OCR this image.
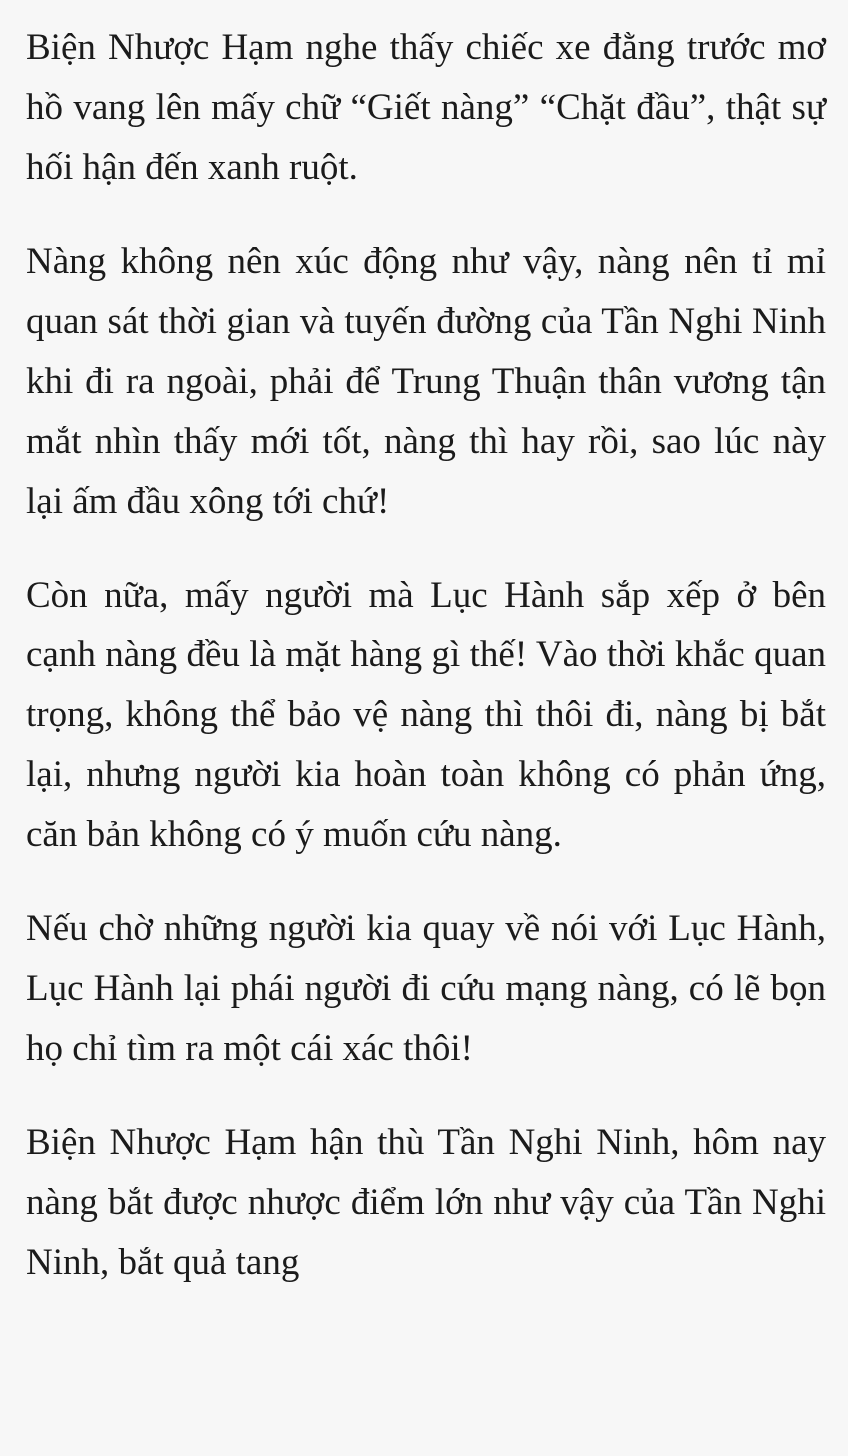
Biện Nhược Hạm nghe thấy chiếc xe đằng trước mơ hồ vang lên mấy chữ “Giết nàng” “Chặt đầu”, thật sự hối hận đến xanh ruột.

Nàng không nên xúc động như vậy, nàng nên tỉ mỉ quan sát thời gian và tuyến đường của Tần Nghi Ninh khi đi ra ngoài, phải để Trung Thuận thân vương tận mắt nhìn thấy mới tốt, nàng thì hay rồi, sao lúc này lại ấm đầu xông tới chứ!

Còn nữa, mấy người mà Lục Hành sắp xếp ở bên cạnh nàng đều là mặt hàng gì thế! Vào thời khắc quan trọng, không thể bảo vệ nàng thì thôi đi, nàng bị bắt lại, nhưng người kia hoàn toàn không có phản ứng, căn bản không có ý muốn cứu nàng.

Nếu chờ những người kia quay về nói với Lục Hành, Lục Hành lại phái người đi cứu mạng nàng, có lẽ bọn họ chỉ tìm ra một cái xác thôi!

Biện Nhược Hạm hận thù Tần Nghi Ninh, hôm nay nàng bắt được nhược điểm lớn như vậy của Tần Nghi Ninh, bắt quả tang
